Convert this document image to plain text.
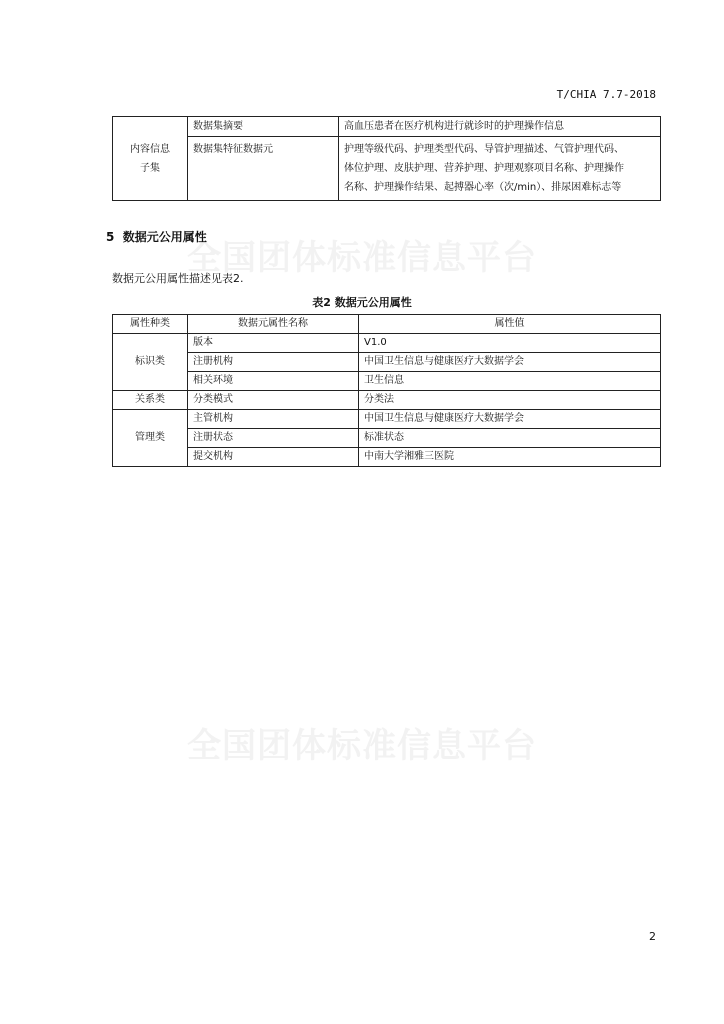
全国团体标准信息平台
全国团体标准信息平台
T/CHIA 7.7-2018
内容信息
子集	数据集摘要	高血压患者在医疗机构进行就诊时的护理操作信息
	数据集特征数据元	护理等级代码、护理类型代码、导管护理描述、气管护理代码、
体位护理、皮肤护理、营养护理、护理观察项目名称、护理操作
名称、护理操作结果、起搏器心率（次/min）、排尿困难标志等
5 数据元公用属性
数据元公用属性描述见表2.
表2 数据元公用属性
属性种类	数据元属性名称	属性值
标识类	版本	V1.0
	注册机构	中国卫生信息与健康医疗大数据学会
	相关环境	卫生信息
关系类	分类模式	分类法
管理类	主管机构	中国卫生信息与健康医疗大数据学会
	注册状态	标准状态
	提交机构	中南大学湘雅三医院
2
